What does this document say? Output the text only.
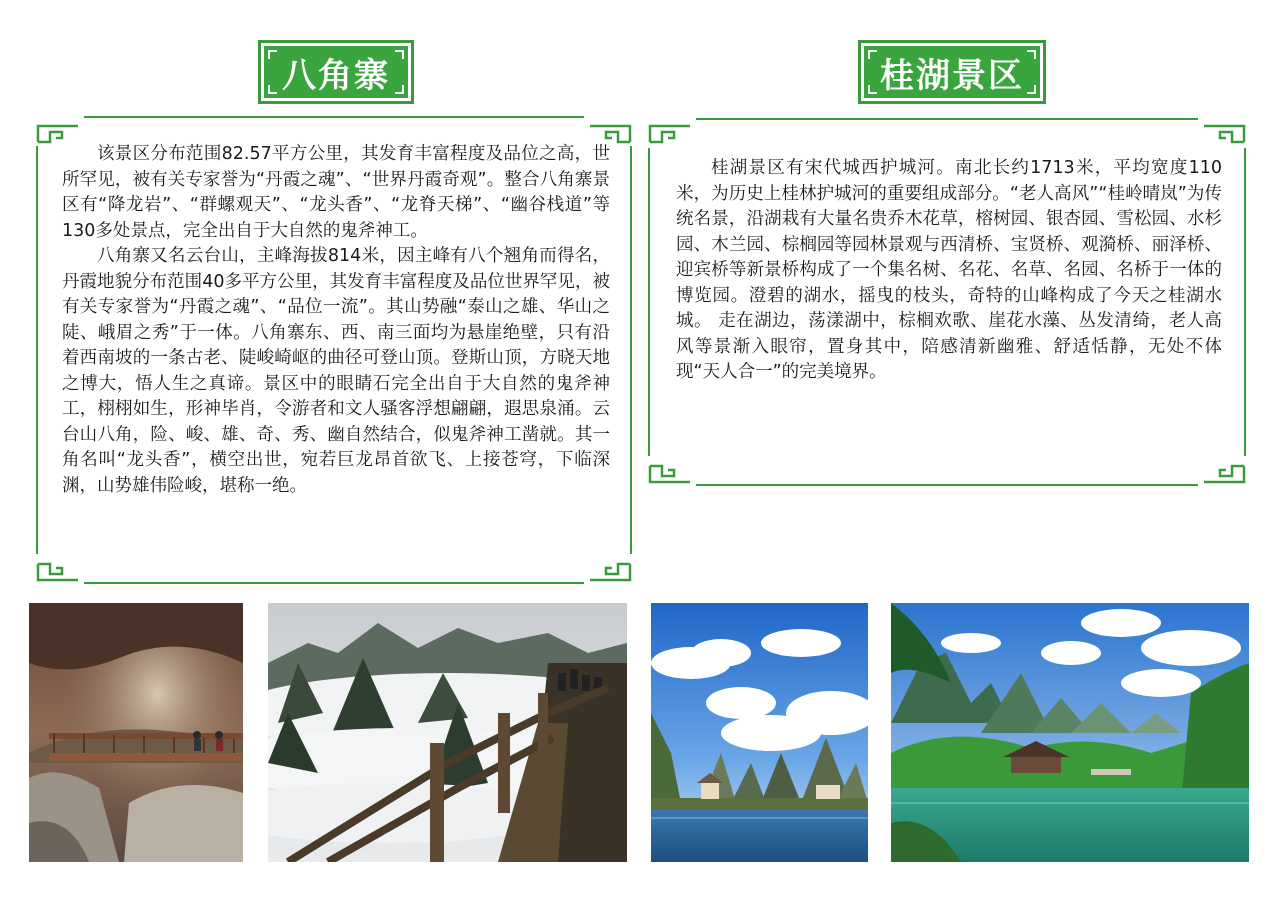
八角寨	桂湖景区

该景区分布范围82.57平方公里，其发育丰富程度及品位之高，世所罕见，被有关专家誉为“丹霞之魂”、“世界丹霞奇观”。整合八角寨景区有“降龙岩”、“群螺观天”、“龙头香”、“龙脊天梯”、“幽谷栈道”等130多处景点，完全出自于大自然的鬼斧神工。

八角寨又名云台山，主峰海拔814米，因主峰有八个翘角而得名，丹霞地貌分布范围40多平方公里，其发育丰富程度及品位世界罕见，被有关专家誉为“丹霞之魂”、“品位一流”。其山势融“泰山之雄、华山之陡、峨眉之秀”于一体。八角寨东、西、南三面均为悬崖绝壁，只有沿着西南坡的一条古老、陡峻崎岖的曲径可登山顶。登斯山顶，方晓天地之博大，悟人生之真谛。景区中的眼睛石完全出自于大自然的鬼斧神工，栩栩如生，形神毕肖，令游者和文人骚客浮想翩翩，遐思泉涌。云台山八角，险、峻、雄、奇、秀、幽自然结合，似鬼斧神工凿就。其一角名叫“龙头香”，横空出世，宛若巨龙昂首欲飞、上接苍穹，下临深渊，山势雄伟险峻，堪称一绝。

桂湖景区有宋代城西护城河。南北长约1713米，平均宽度110米，为历史上桂林护城河的重要组成部分。“老人高风”“桂岭晴岚”为传统名景，沿湖栽有大量名贵乔木花草，榕树园、银杏园、雪松园、水杉园、木兰园、棕榈园等园林景观与西清桥、宝贤桥、观漪桥、丽泽桥、迎宾桥等新景桥构成了一个集名树、名花、名草、名园、名桥于一体的博览园。澄碧的湖水，摇曳的枝头，奇特的山峰构成了今天之桂湖水城。 走在湖边，荡漾湖中，棕榈欢歌、崖花水藻、丛发清绮，老人高风等景渐入眼帘，置身其中，陪感清新幽雅、舒适恬静，无处不体现“天人合一”的完美境界。
